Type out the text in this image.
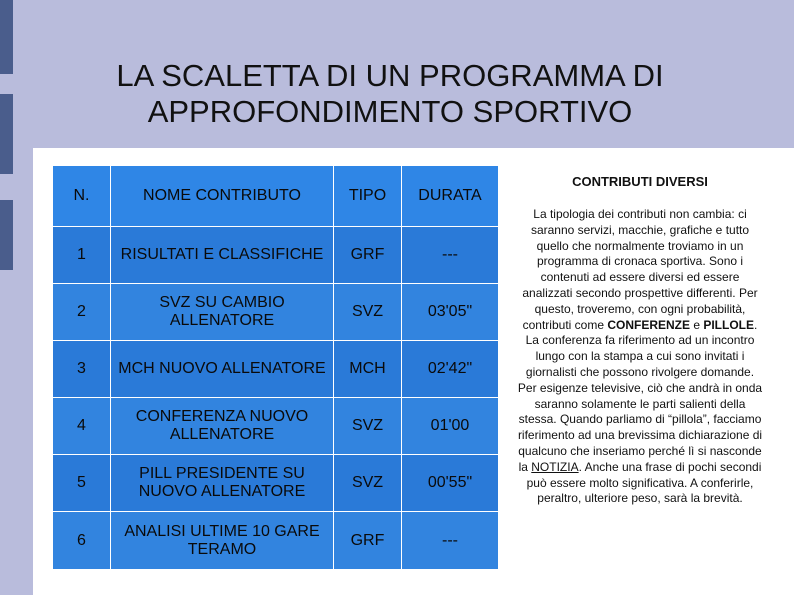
LA SCALETTA DI UN PROGRAMMA DI APPROFONDIMENTO SPORTIVO
N.	NOME CONTRIBUTO	TIPO	DURATA
1	RISULTATI E CLASSIFICHE	GRF	---
2	SVZ SU CAMBIO ALLENATORE	SVZ	03'05"
3	MCH NUOVO ALLENATORE	MCH	02'42"
4	CONFERENZA NUOVO ALLENATORE	SVZ	01'00
5	PILL PRESIDENTE SU NUOVO ALLENATORE	SVZ	00'55"
6	ANALISI ULTIME 10 GARE TERAMO	GRF	---
CONTRIBUTI DIVERSI
La tipologia dei contributi non cambia: ci saranno servizi, macchie, grafiche e tutto quello che normalmente troviamo in un programma di cronaca sportiva. Sono i contenuti ad essere diversi ed essere analizzati secondo prospettive differenti. Per questo, troveremo, con ogni probabilità, contributi come CONFERENZE e PILLOLE. La conferenza fa riferimento ad un incontro lungo con la stampa a cui sono invitati i giornalisti che possono rivolgere domande. Per esigenze televisive, ciò che andrà in onda saranno solamente le parti salienti della stessa. Quando parliamo di “pillola”, facciamo riferimento ad una brevissima dichiarazione di qualcuno che inseriamo perché lì si nasconde la NOTIZIA. Anche una frase di pochi secondi può essere molto significativa. A conferirle, peraltro, ulteriore peso, sarà la brevità.
